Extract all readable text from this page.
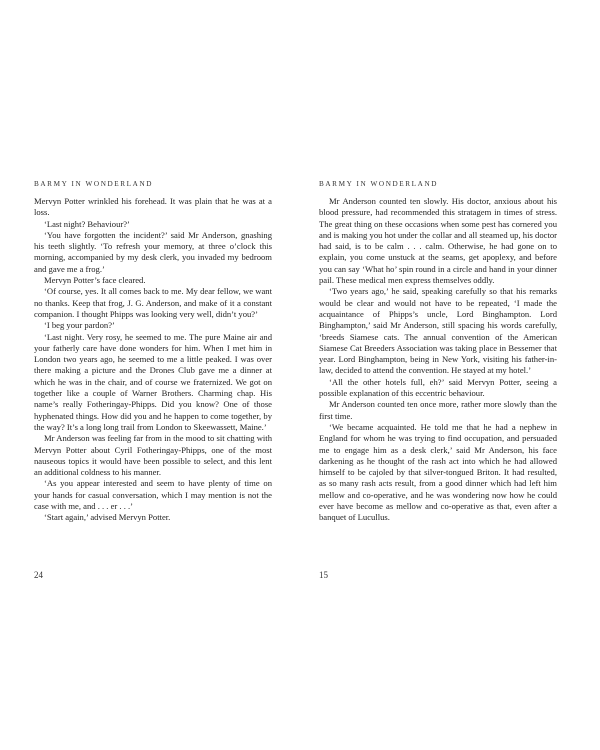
BARMY IN WONDERLAND

Mervyn Potter wrinkled his forehead. It was plain that he was at a loss.

‘Last night? Behaviour?’

‘You have forgotten the incident?’ said Mr Anderson, gnashing his teeth slightly. ‘To refresh your memory, at three o’clock this morning, accompanied by my desk clerk, you invaded my bedroom and gave me a frog.’

Mervyn Potter’s face cleared.

‘Of course, yes. It all comes back to me. My dear fellow, we want no thanks. Keep that frog, J. G. Anderson, and make of it a constant companion. I thought Phipps was looking very well, didn’t you?’

‘I beg your pardon?’

‘Last night. Very rosy, he seemed to me. The pure Maine air and your fatherly care have done wonders for him. When I met him in London two years ago, he seemed to me a little peaked. I was over there making a picture and the Drones Club gave me a dinner at which he was in the chair, and of course we fraternized. We got on together like a couple of Warner Brothers. Charming chap. His name’s really Fotheringay-Phipps. Did you know? One of those hyphenated things. How did you and he happen to come together, by the way? It’s a long long trail from London to Skeewassett, Maine.’

Mr Anderson was feeling far from in the mood to sit chatting with Mervyn Potter about Cyril Fotheringay-Phipps, one of the most nauseous topics it would have been possible to select, and this lent an additional coldness to his manner.

‘As you appear interested and seem to have plenty of time on your hands for casual conversation, which I may mention is not the case with me, and . . . er . . .’

‘Start again,’ advised Mervyn Potter.

24
BARMY IN WONDERLAND

Mr Anderson counted ten slowly. His doctor, anxious about his blood pressure, had recommended this stratagem in times of stress. The great thing on these occasions when some pest has cornered you and is making you hot under the collar and all steamed up, his doctor had said, is to be calm . . . calm. Otherwise, he had gone on to explain, you come unstuck at the seams, get apoplexy, and before you can say ‘What ho’ spin round in a circle and hand in your dinner pail. These medical men express themselves oddly.

‘Two years ago,’ he said, speaking carefully so that his remarks would be clear and would not have to be repeated, ‘I made the acquaintance of Phipps’s uncle, Lord Binghampton. Lord Binghampton,’ said Mr Anderson, still spacing his words carefully, ‘breeds Siamese cats. The annual convention of the American Siamese Cat Breeders Association was taking place in Bessemer that year. Lord Binghampton, being in New York, visiting his father-in-law, decided to attend the convention. He stayed at my hotel.’

‘All the other hotels full, eh?’ said Mervyn Potter, seeing a possible explanation of this eccentric behaviour.

Mr Anderson counted ten once more, rather more slowly than the first time.

‘We became acquainted. He told me that he had a nephew in England for whom he was trying to find occupation, and persuaded me to engage him as a desk clerk,’ said Mr Anderson, his face darkening as he thought of the rash act into which he had allowed himself to be cajoled by that silver-tongued Briton. It had resulted, as so many rash acts result, from a good dinner which had left him mellow and co-operative, and he was wondering now how he could ever have become as mellow and co-operative as that, even after a banquet of Lucullus.

15
